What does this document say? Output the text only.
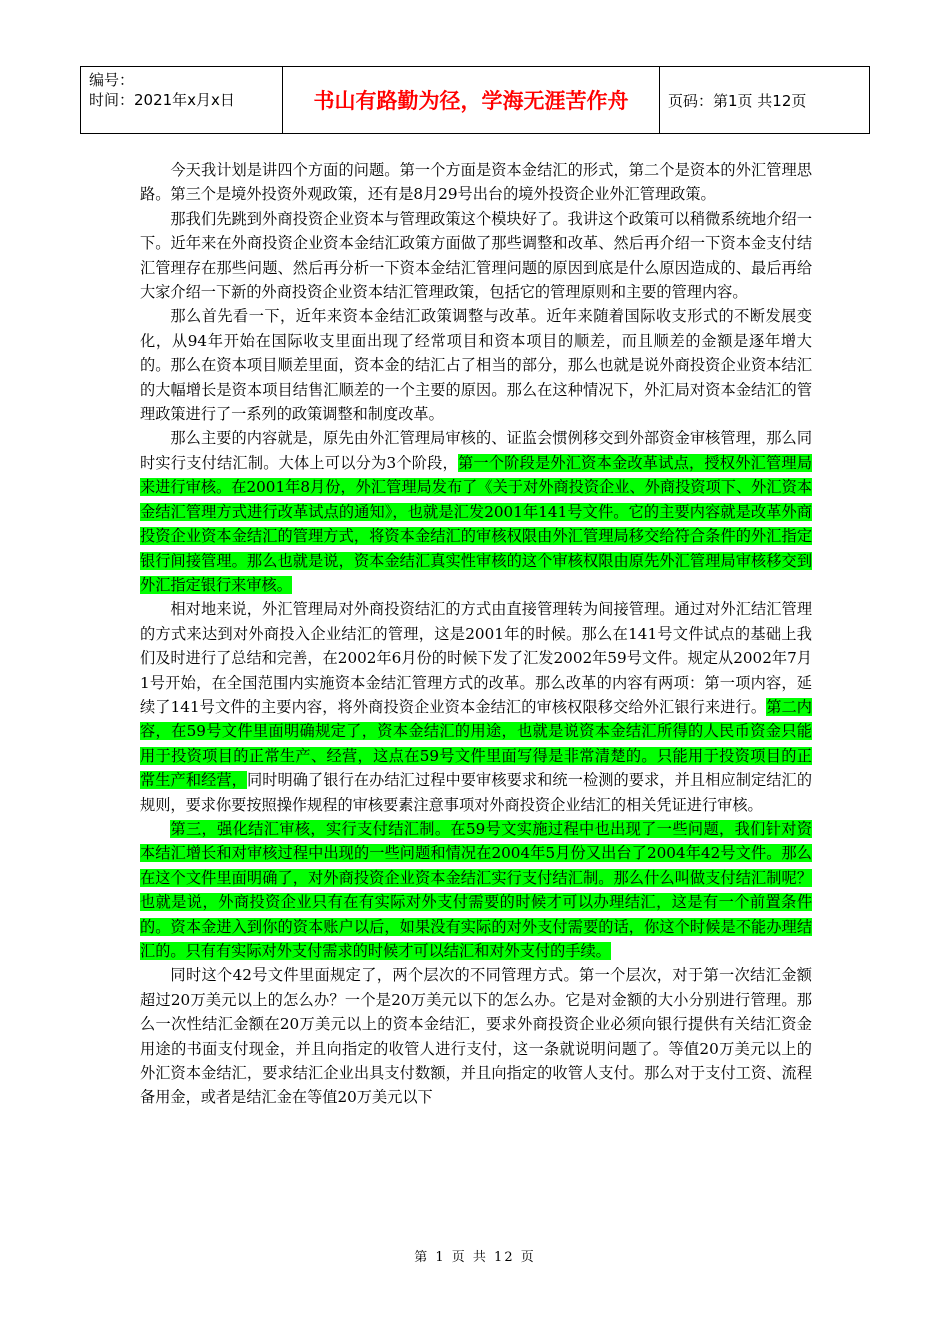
编号：
时间：2021年x月x日	书山有路勤为径，学海无涯苦作舟	页码：第1页 共12页

今天我计划是讲四个方面的问题。第一个方面是资本金结汇的形式，第二个是资本的外汇管理思路。第三个是境外投资外观政策，还有是8月29号出台的境外投资企业外汇管理政策。

那我们先跳到外商投资企业资本与管理政策这个模块好了。我讲这个政策可以稍微系统地介绍一下。近年来在外商投资企业资本金结汇政策方面做了那些调整和改革、然后再介绍一下资本金支付结汇管理存在那些问题、然后再分析一下资本金结汇管理问题的原因到底是什么原因造成的、最后再给大家介绍一下新的外商投资企业资本结汇管理政策，包括它的管理原则和主要的管理内容。

那么首先看一下，近年来资本金结汇政策调整与改革。近年来随着国际收支形式的不断发展变化，从94年开始在国际收支里面出现了经常项目和资本项目的顺差，而且顺差的金额是逐年增大的。那么在资本项目顺差里面，资本金的结汇占了相当的部分，那么也就是说外商投资企业资本结汇的大幅增长是资本项目结售汇顺差的一个主要的原因。那么在这种情况下，外汇局对资本金结汇的管理政策进行了一系列的政策调整和制度改革。

那么主要的内容就是，原先由外汇管理局审核的、证监会惯例移交到外部资金审核管理，那么同时实行支付结汇制。大体上可以分为3个阶段，第一个阶段是外汇资本金改革试点，授权外汇管理局来进行审核。在2001年8月份，外汇管理局发布了《关于对外商投资企业、外商投资项下、外汇资本金结汇管理方式进行改革试点的通知》，也就是汇发2001年141号文件。它的主要内容就是改革外商投资企业资本金结汇的管理方式，将资本金结汇的审核权限由外汇管理局移交给符合条件的外汇指定银行间接管理。那么也就是说，资本金结汇真实性审核的这个审核权限由原先外汇管理局审核移交到外汇指定银行来审核。

相对地来说，外汇管理局对外商投资结汇的方式由直接管理转为间接管理。通过对外汇结汇管理的方式来达到对外商投入企业结汇的管理，这是2001年的时候。那么在141号文件试点的基础上我们及时进行了总结和完善，在2002年6月份的时候下发了汇发2002年59号文件。规定从2002年7月1号开始，在全国范围内实施资本金结汇管理方式的改革。那么改革的内容有两项：第一项内容，延续了141号文件的主要内容，将外商投资企业资本金结汇的审核权限移交给外汇银行来进行。第二内容，在59号文件里面明确规定了，资本金结汇的用途，也就是说资本金结汇所得的人民币资金只能用于投资项目的正常生产、经营，这点在59号文件里面写得是非常清楚的。只能用于投资项目的正常生产和经营，同时明确了银行在办结汇过程中要审核要求和统一检测的要求，并且相应制定结汇的规则，要求你要按照操作规程的审核要素注意事项对外商投资企业结汇的相关凭证进行审核。

第三，强化结汇审核，实行支付结汇制。在59号文实施过程中也出现了一些问题，我们针对资本结汇增长和对审核过程中出现的一些问题和情况在2004年5月份又出台了2004年42号文件。那么在这个文件里面明确了，对外商投资企业资本金结汇实行支付结汇制。那么什么叫做支付结汇制呢？也就是说，外商投资企业只有在有实际对外支付需要的时候才可以办理结汇，这是有一个前置条件的。资本金进入到你的资本账户以后，如果没有实际的对外支付需要的话，你这个时候是不能办理结汇的。只有有实际对外支付需求的时候才可以结汇和对外支付的手续。

同时这个42号文件里面规定了，两个层次的不同管理方式。第一个层次，对于第一次结汇金额超过20万美元以上的怎么办？一个是20万美元以下的怎么办。它是对金额的大小分别进行管理。那么一次性结汇金额在20万美元以上的资本金结汇，要求外商投资企业必须向银行提供有关结汇资金用途的书面支付现金，并且向指定的收管人进行支付，这一条就说明问题了。等值20万美元以上的外汇资本金结汇，要求结汇企业出具支付数额，并且向指定的收管人支付。那么对于支付工资、流程备用金，或者是结汇金在等值20万美元以下

第 1 页 共 12 页
